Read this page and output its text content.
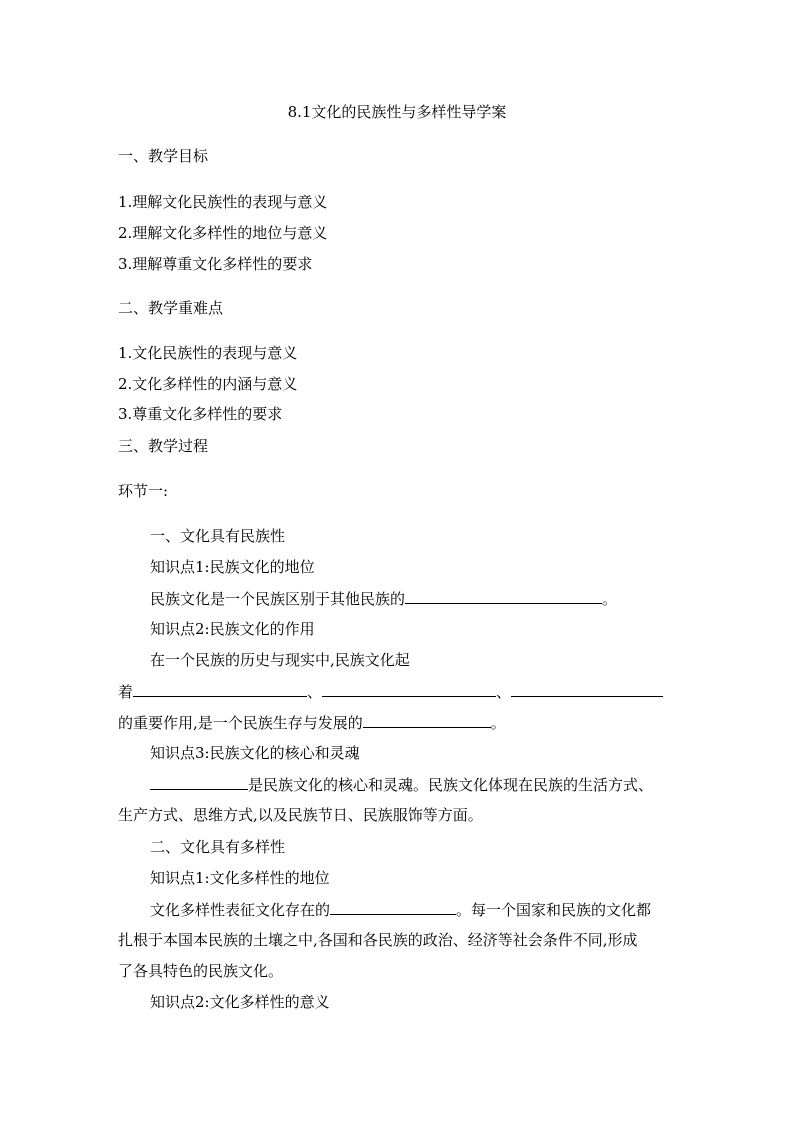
8.1文化的民族性与多样性导学案
一、教学目标
1.理解文化民族性的表现与意义
2.理解文化多样性的地位与意义
3.理解尊重文化多样性的要求
二、教学重难点
1.文化民族性的表现与意义
2.文化多样性的内涵与意义
3.尊重文化多样性的要求
三、教学过程
环节一:
一、文化具有民族性
知识点1:民族文化的地位
民族文化是一个民族区别于其他民族的	。
知识点2:民族文化的作用
在一个民族的历史与现实中,民族文化起
着	、	、
的重要作用,是一个民族生存与发展的	。
知识点3:民族文化的核心和灵魂
是民族文化的核心和灵魂。民族文化体现在民族的生活方式、
生产方式、思维方式,以及民族节日、民族服饰等方面。
二、文化具有多样性
知识点1:文化多样性的地位
文化多样性表征文化存在的	。每一个国家和民族的文化都
扎根于本国本民族的土壤之中,各国和各民族的政治、经济等社会条件不同,形成
了各具特色的民族文化。
知识点2:文化多样性的意义
